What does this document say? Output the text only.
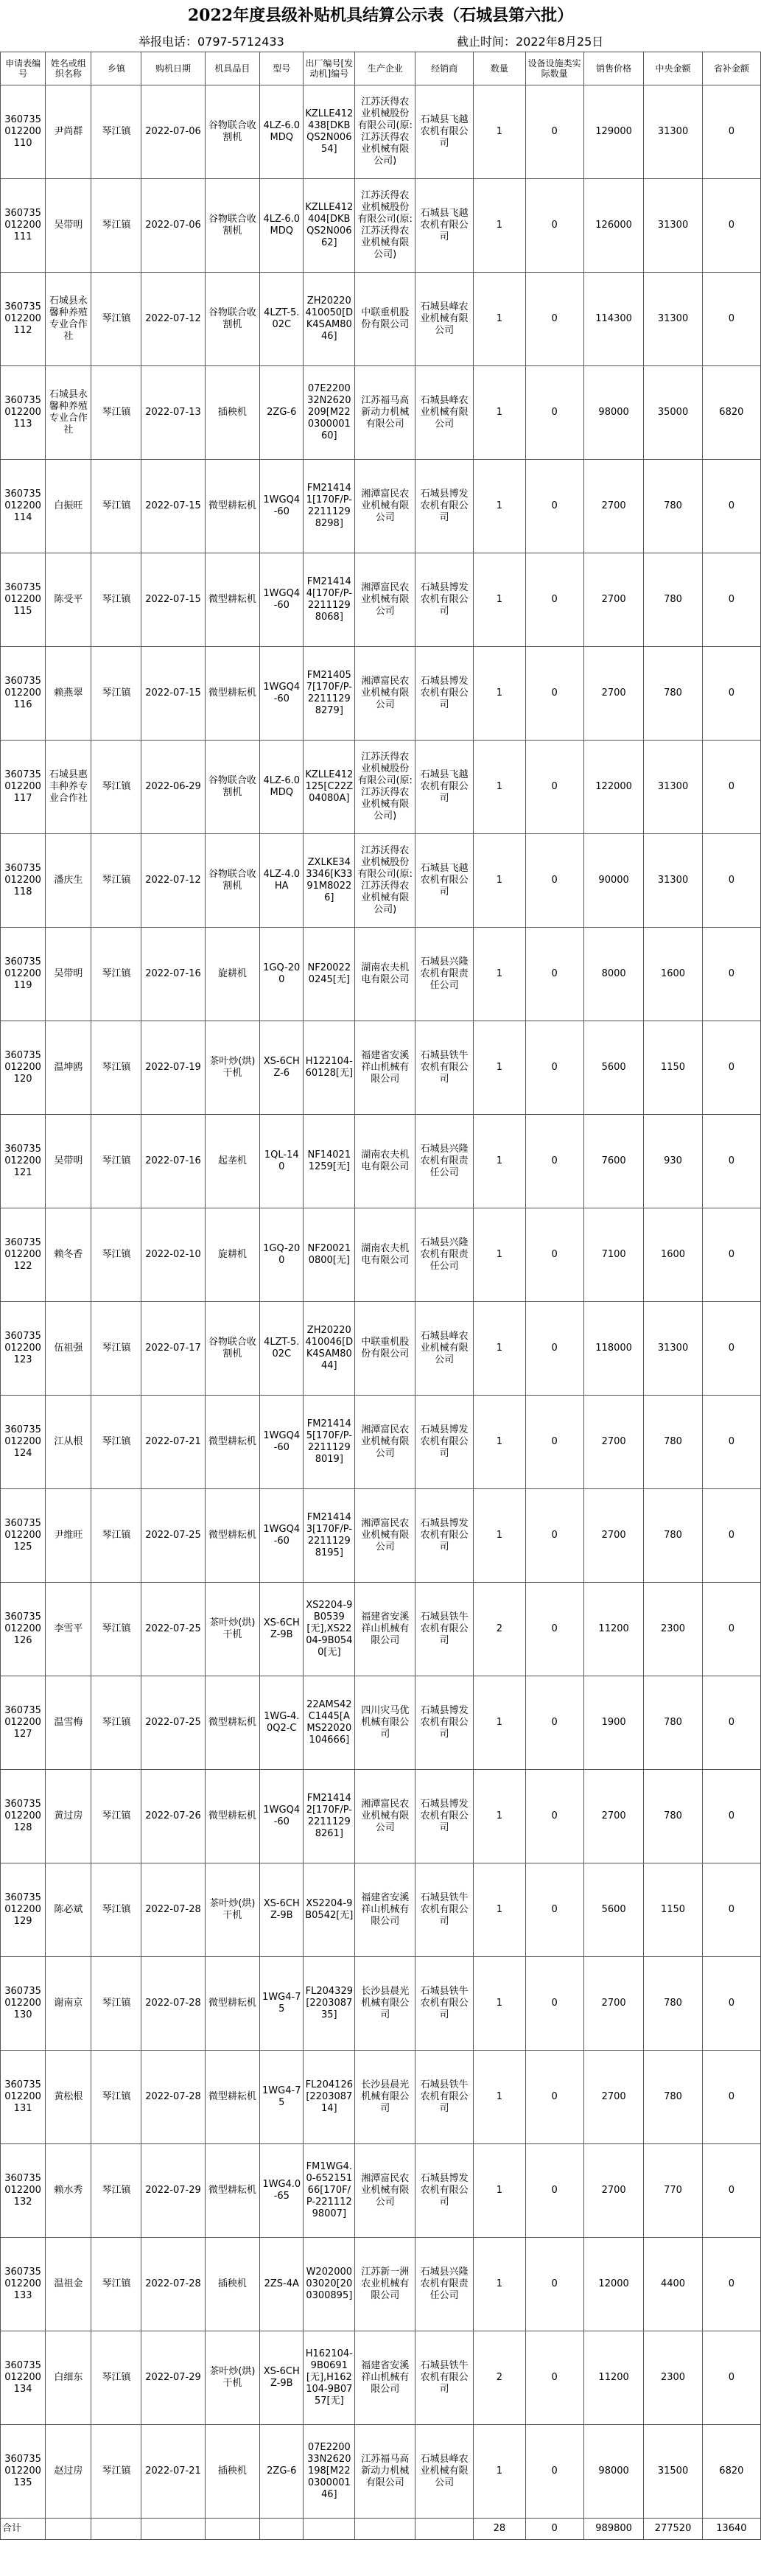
2022年度县级补贴机具结算公示表（石城县第六批）
举报电话：0797-5712433	截止时间：2022年8月25日
申请表编号	姓名或组织名称	乡镇	购机日期	机具品目	型号	出厂编号[发动机]编号	生产企业	经销商	数量	设备设施类实际数量	销售价格	中央金额	省补金额
360735012200110	尹尚群	琴江镇	2022-07-06	谷物联合收割机	4LZ-6.0MDQ	KZLLE412438[DKBQS2N00654]	江苏沃得农业机械股份有限公司(原:江苏沃得农业机械有限公司)	石城县飞越农机有限公司	1	0	129000	31300	0
360735012200111	吴带明	琴江镇	2022-07-06	谷物联合收割机	4LZ-6.0MDQ	KZLLE412404[DKBQS2N00662]	江苏沃得农业机械股份有限公司(原:江苏沃得农业机械有限公司)	石城县飞越农机有限公司	1	0	126000	31300	0
360735012200112	石城县永馨种养殖专业合作社	琴江镇	2022-07-12	谷物联合收割机	4LZT-5.02C	ZH20220410050[DK4SAM8046]	中联重机股份有限公司	石城县峰农业机械有限公司	1	0	114300	31300	0
360735012200113	石城县永馨种养殖专业合作社	琴江镇	2022-07-13	插秧机	2ZG-6	07E220032N2620209[M22030000160]	江苏福马高新动力机械有限公司	石城县峰农业机械有限公司	1	0	98000	35000	6820
360735012200114	白振旺	琴江镇	2022-07-15	微型耕耘机	1WGQ4-60	FM214141[170F/P-22111298298]	湘潭富民农业机械有限公司	石城县博发农机有限公司	1	0	2700	780	0
360735012200115	陈受平	琴江镇	2022-07-15	微型耕耘机	1WGQ4-60	FM214144[170F/P-22111298068]	湘潭富民农业机械有限公司	石城县博发农机有限公司	1	0	2700	780	0
360735012200116	赖燕翠	琴江镇	2022-07-15	微型耕耘机	1WGQ4-60	FM214057[170F/P-22111298279]	湘潭富民农业机械有限公司	石城县博发农机有限公司	1	0	2700	780	0
360735012200117	石城县惠丰种养专业合作社	琴江镇	2022-06-29	谷物联合收割机	4LZ-6.0MDQ	KZLLE412125[C22Z04080A]	江苏沃得农业机械股份有限公司(原:江苏沃得农业机械有限公司)	石城县飞越农机有限公司	1	0	122000	31300	0
360735012200118	潘庆生	琴江镇	2022-07-12	谷物联合收割机	4LZ-4.0HA	ZXLKE343346[K3391M80226]	江苏沃得农业机械股份有限公司(原:江苏沃得农业机械有限公司)	石城县飞越农机有限公司	1	0	90000	31300	0
360735012200119	吴带明	琴江镇	2022-07-16	旋耕机	1GQ-200	NF200220245[无]	湖南农夫机电有限公司	石城县兴隆农机有限责任公司	1	0	8000	1600	0
360735012200120	温坤鸥	琴江镇	2022-07-19	茶叶炒(烘)干机	XS-6CHZ-6	H122104-60128[无]	福建省安溪祥山机械有限公司	石城县铁牛农机有限公司	1	0	5600	1150	0
360735012200121	吴带明	琴江镇	2022-07-16	起垄机	1QL-140	NF140211259[无]	湖南农夫机电有限公司	石城县兴隆农机有限责任公司	1	0	7600	930	0
360735012200122	赖冬香	琴江镇	2022-02-10	旋耕机	1GQ-200	NF200210800[无]	湖南农夫机电有限公司	石城县兴隆农机有限责任公司	1	0	7100	1600	0
360735012200123	伍祖强	琴江镇	2022-07-17	谷物联合收割机	4LZT-5.02C	ZH20220410046[DK4SAM8044]	中联重机股份有限公司	石城县峰农业机械有限公司	1	0	118000	31300	0
360735012200124	江从根	琴江镇	2022-07-21	微型耕耘机	1WGQ4-60	FM214145[170F/P-22111298019]	湘潭富民农业机械有限公司	石城县博发农机有限公司	1	0	2700	780	0
360735012200125	尹维旺	琴江镇	2022-07-25	微型耕耘机	1WGQ4-60	FM214143[170F/P-22111298195]	湘潭富民农业机械有限公司	石城县博发农机有限公司	1	0	2700	780	0
360735012200126	李雪平	琴江镇	2022-07-25	茶叶炒(烘)干机	XS-6CHZ-9B	XS2204-9B0539[无],XS2204-9B0540[无]	福建省安溪祥山机械有限公司	石城县铁牛农机有限公司	2	0	11200	2300	0
360735012200127	温雪梅	琴江镇	2022-07-25	微型耕耘机	1WG-4.0Q2-C	22AMS42C1445[AMS22020104666]	四川灾马优机械有限公司	石城县博发农机有限公司	1	0	1900	780	0
360735012200128	黄过房	琴江镇	2022-07-26	微型耕耘机	1WGQ4-60	FM214142[170F/P-22111298261]	湘潭富民农业机械有限公司	石城县博发农机有限公司	1	0	2700	780	0
360735012200129	陈必斌	琴江镇	2022-07-28	茶叶炒(烘)干机	XS-6CHZ-9B	XS2204-9B0542[无]	福建省安溪祥山机械有限公司	石城县铁牛农机有限公司	1	0	5600	1150	0
360735012200130	谢南京	琴江镇	2022-07-28	微型耕耘机	1WG4-75	FL204329[220308735]	长沙县晨光机械有限公司	石城县铁牛农机有限公司	1	0	2700	780	0
360735012200131	黄松根	琴江镇	2022-07-28	微型耕耘机	1WG4-75	FL204126[220308714]	长沙县晨光机械有限公司	石城县铁牛农机有限公司	1	0	2700	780	0
360735012200132	赖水秀	琴江镇	2022-07-29	微型耕耘机	1WG4.0-65	FM1WG4.0-65215166[170F/P-22111298007]	湘潭富民农业机械有限公司	石城县博发农机有限公司	1	0	2700	770	0
360735012200133	温祖金	琴江镇	2022-07-28	插秧机	2ZS-4A	W20200003020[200300895]	江苏新一洲农业机械有限公司	石城县兴隆农机有限责任公司	1	0	12000	4400	0
360735012200134	白细东	琴江镇	2022-07-29	茶叶炒(烘)干机	XS-6CHZ-9B	H162104-9B0691[无],H162104-9B0757[无]	福建省安溪祥山机械有限公司	石城县铁牛农机有限公司	2	0	11200	2300	0
360735012200135	赵过房	琴江镇	2022-07-21	插秧机	2ZG-6	07E220033N2620198[M22030000146]	江苏福马高新动力机械有限公司	石城县峰农业机械有限公司	1	0	98000	31500	6820
合计									28	0	989800	277520	13640
